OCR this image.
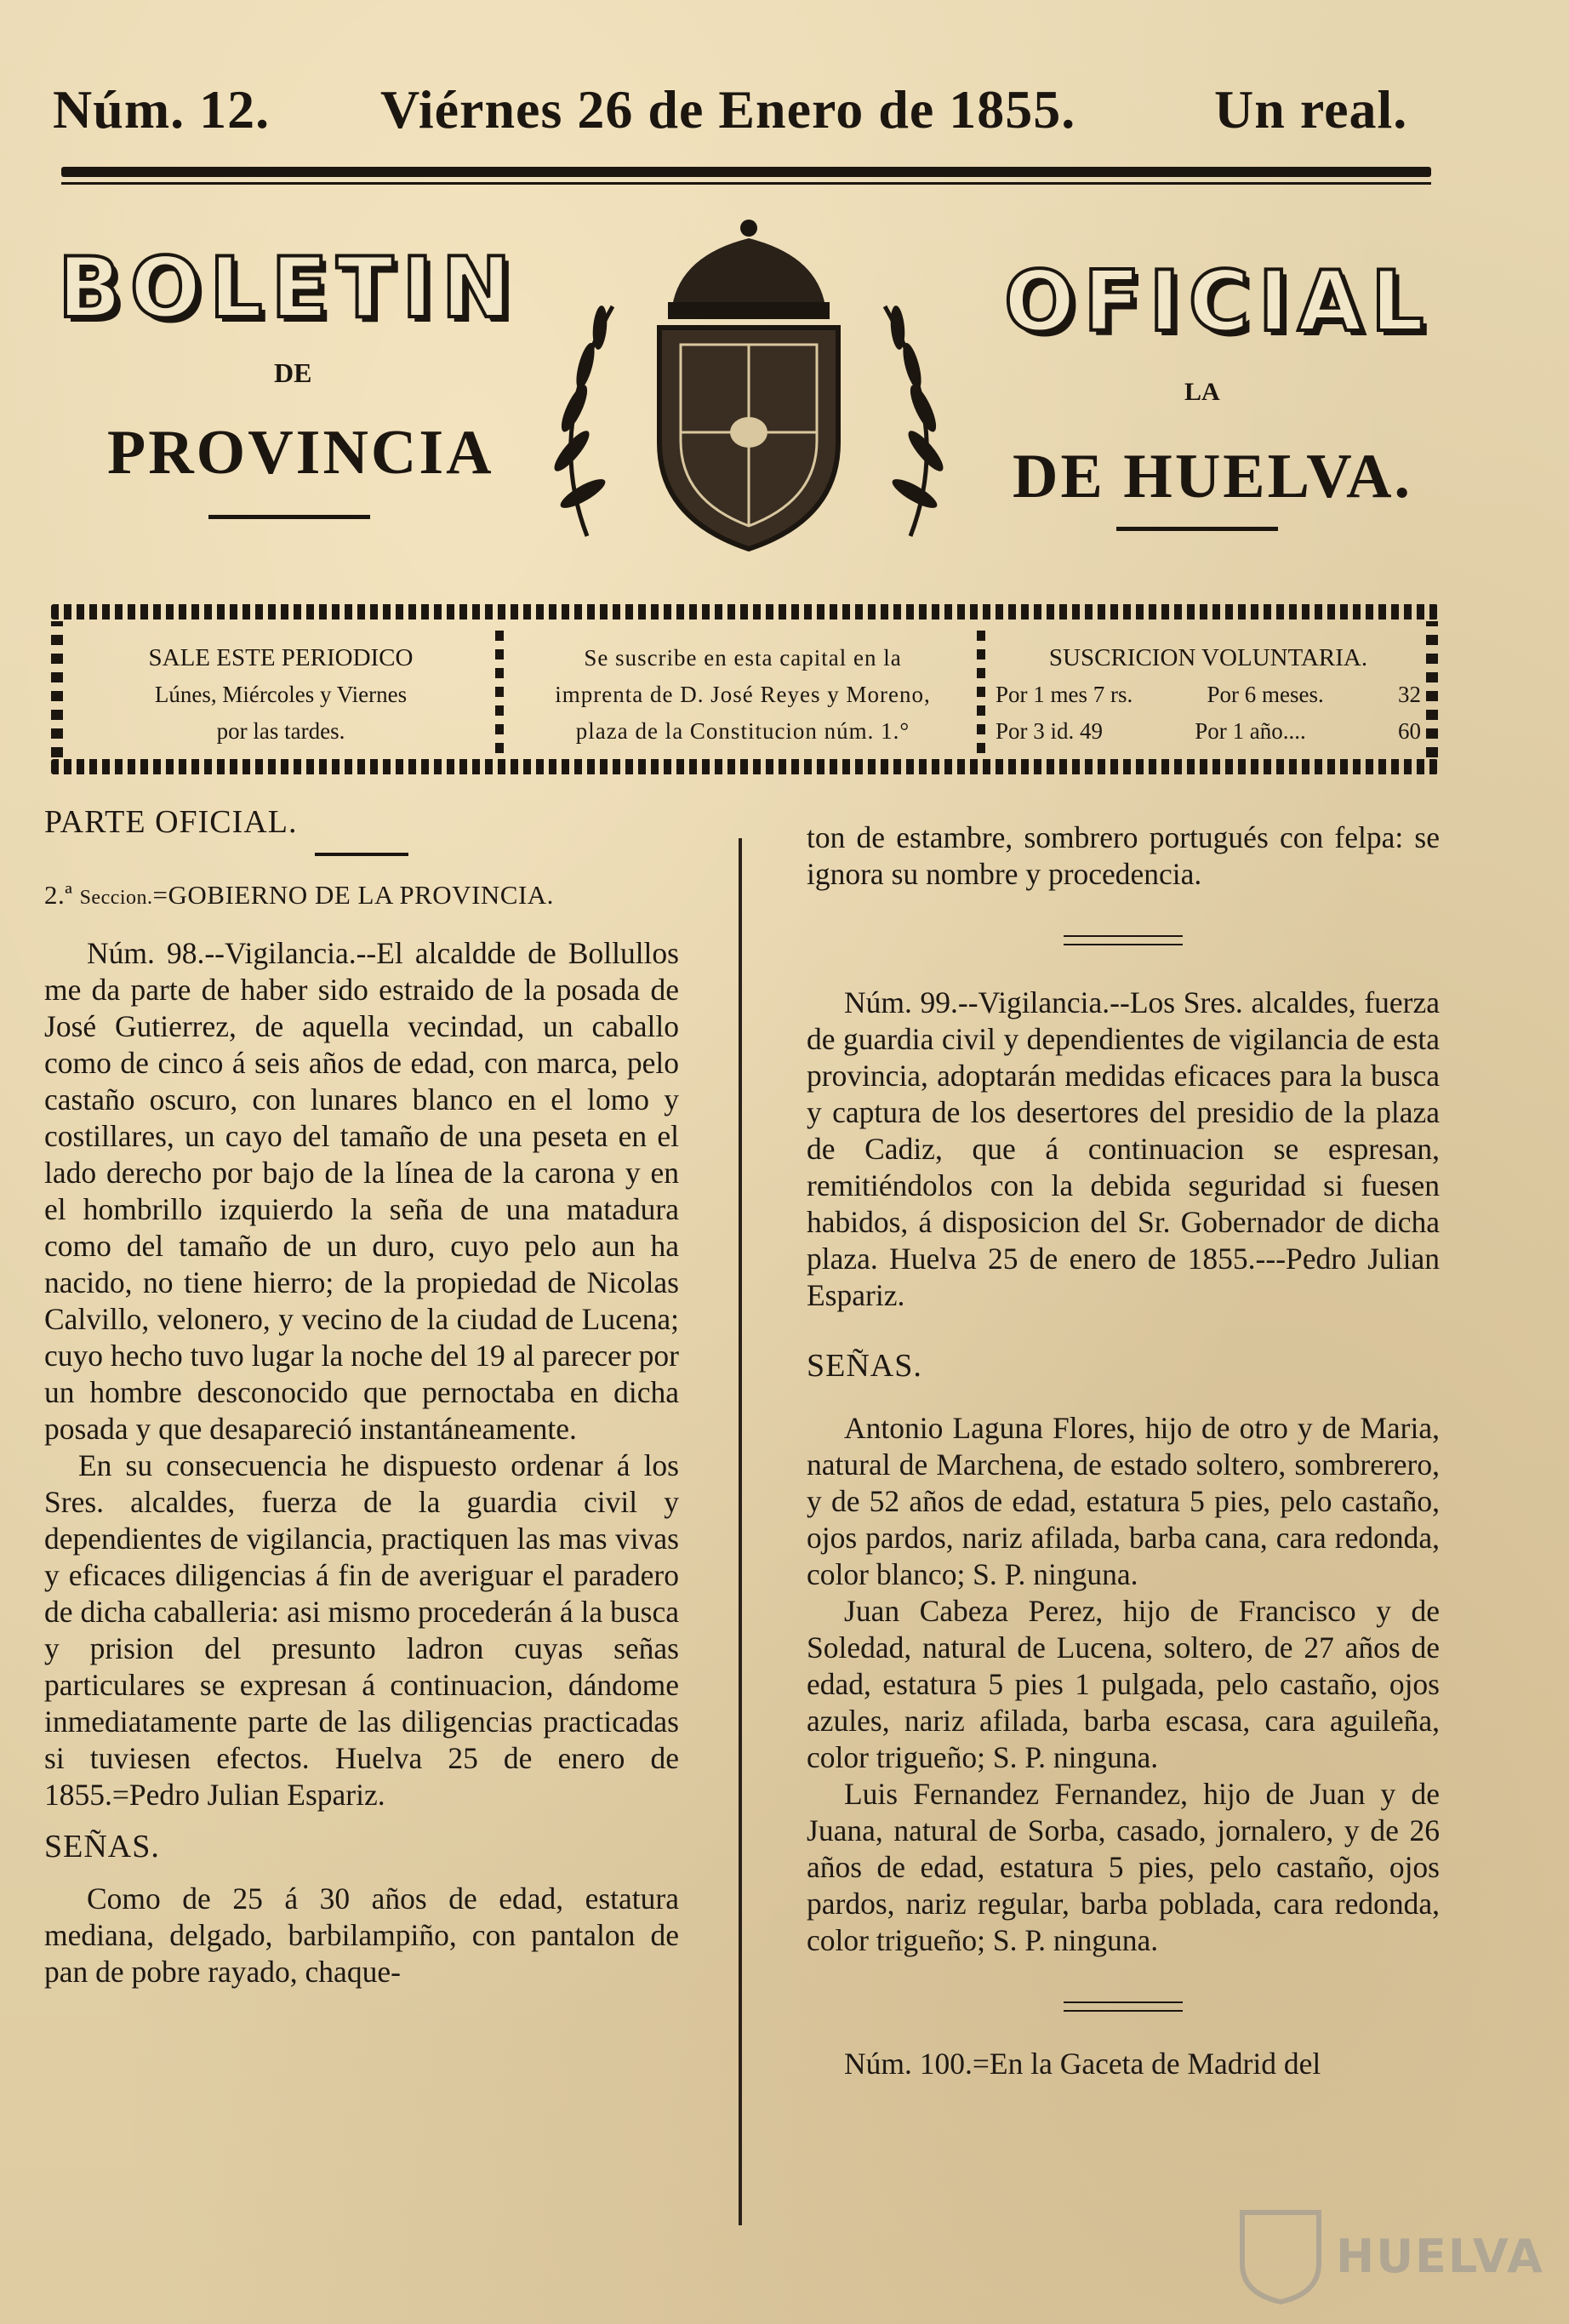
Núm. 12. Viérnes 26 de Enero de 1855.	Un real.
BOLETIN	OFICIAL
DE
LA
PROVINCIA	DE HUELVA.
SALE ESTE PERIODICO
Lúnes, Miércoles y Viernes
por las tardes.
Se suscribe en esta capital en la
imprenta de D. José Reyes y Moreno,
plaza de la Constitucion núm. 1.°
SUSCRICION VOLUNTARIA.
Por 1 mes 7 rs.	Por 6 meses.	32
Por 3 id. 49	Por 1 año....	60

PARTE OFICIAL.

2.ª Seccion.=GOBIERNO DE LA PROVINCIA.

Núm. 98.--Vigilancia.--El alcaldde de Bollullos me da parte de haber sido estraido de la posada de José Gutierrez, de aquella vecindad, un caballo como de cinco á seis años de edad, con marca, pelo castaño oscuro, con lunares blanco en el lomo y costillares, un cayo del tamaño de una peseta en el lado derecho por bajo de la línea de la carona y en el hombrillo izquierdo la seña de una matadura como del tamaño de un duro, cuyo pelo aun ha nacido, no tiene hierro; de la propiedad de Nicolas Calvillo, velonero, y vecino de la ciudad de Lucena; cuyo hecho tuvo lugar la noche del 19 al parecer por un hombre desconocido que pernoctaba en dicha posada y que desapareció instantáneamente.

En su consecuencia he dispuesto ordenar á los Sres. alcaldes, fuerza de la guardia civil y dependientes de vigilancia, practiquen las mas vivas y eficaces diligencias á fin de averiguar el paradero de dicha caballeria: asi mismo procederán á la busca y prision del presunto ladron cuyas señas particulares se expresan á continuacion, dándome inmediatamente parte de las diligencias practicadas si tuviesen efectos. Huelva 25 de enero de 1855.=Pedro Julian Espariz.

SEÑAS.

Como de 25 á 30 años de edad, estatura mediana, delgado, barbilampiño, con pantalon de pan de pobre rayado, chaque-

ton de estambre, sombrero portugués con felpa: se ignora su nombre y procedencia.

Núm. 99.--Vigilancia.--Los Sres. alcaldes, fuerza de guardia civil y dependientes de vigilancia de esta provincia, adoptarán medidas eficaces para la busca y captura de los desertores del presidio de la plaza de Cadiz, que á continuacion se espresan, remitiéndolos con la debida seguridad si fuesen habidos, á disposicion del Sr. Gobernador de dicha plaza. Huelva 25 de enero de 1855.---Pedro Julian Espariz.

SEÑAS.

Antonio Laguna Flores, hijo de otro y de Maria, natural de Marchena, de estado soltero, sombrerero, y de 52 años de edad, estatura 5 pies, pelo castaño, ojos pardos, nariz afilada, barba cana, cara redonda, color blanco; S. P. ninguna.

Juan Cabeza Perez, hijo de Francisco y de Soledad, natural de Lucena, soltero, de 27 años de edad, estatura 5 pies 1 pulgada, pelo castaño, ojos azules, nariz afilada, barba escasa, cara aguileña, color trigueño; S. P. ninguna.

Luis Fernandez Fernandez, hijo de Juan y de Juana, natural de Sorba, casado, jornalero, y de 26 años de edad, estatura 5 pies, pelo castaño, ojos pardos, nariz regular, barba poblada, cara redonda, color trigueño; S. P. ninguna.

Núm. 100.=En la Gaceta de Madrid del

HUELVA
